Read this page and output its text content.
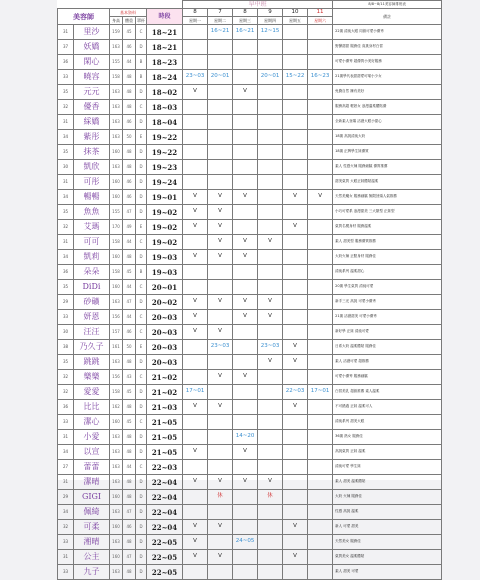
						早中班						8/8~8/11美容師排班表
美容師		基本資料			時段	8	7	8	9	10	11	備註
		身高	體重	罩杯		星期一	星期二	星期三	星期四	星期五	星期六	
31	里沙	159	45	C	18~21		16~21	16~21	12~15			22歲 清純大眼 同級可愛小優秀
37	妖嬌	163	46	D	18~21							野蠻甜甜 服務佳 高挑身材白皙
36	閑心	155	44	B	18~23							可愛小優秀 超優質小美好服務
33	曉容	158	48	B	18~24	23~03	20~01		20~01	15~22	16~23	21歲學代表甜甜愛可喵小少女
35	元元	163	48	D	18~02	V		V				免費自然 擁有美好
32	優香	163	48	C	18~03							服務高超 輕熟女 浪漫溫柔體貼優
31	綵嬌	163	46	D	18~04							全新素人登場 活潑大眼小甜心
34	紫彤	163	50	E	19~22							18歲 高挑清純大奶
35	抹茶	160	48	D	19~22							18歲 正牌學生妹優質
30	凱欣	163	48	D	19~23							素人 性感火辣 服務細膩 優質推薦
31	可彤	160	46	D	19~24							甜美氣質 大眼正妹體貼溫柔
34	暢暢	160	46	D	19~01	V	V	V		V	V	天然美魔女 服務細膩 無限回頭人氣推薦
35	魚魚	155	47	D	19~02	V	V					小巧可愛系 浪漫甜美 三大類型 正妹型
32	艾瑪	170	49	E	19~02	V	V			V		氣質名模身材 服務溫柔
31	可可	158	44	C	19~02		V	V	V			素人 甜美型 服務優質推薦
34	凱莉	160	48	D	19~03	V	V	V				大奶火辣 正點身材 服務佳
36	朵朵	158	45	B	19~03							清純系列 溫柔甜心
35	DiDi	160	44	C	20~01							20歲 學生氣質 清純可愛
29	砂礦	163	47	D	20~02	V	V	V	V			新手三光 高挑 可愛小優秀
33	妍恩	156	44	C	20~03	V		V	V			21歲 活潑甜美 可愛小優秀
30	汪汪	157	46	C	20~03	V	V					新好學 正妹 清純可愛
38	乃久子	161	50	E	20~03		23~03		23~03	V		日系大奶 溫柔體貼 服務佳
35	跳跳	163	48	D	20~03				V	V		素人 活潑可愛 超推薦
32	樂樂	156	43	C	21~02		V	V				可愛小優秀 服務細膩
32	愛愛	158	45	D	21~02	17~01				22~03	17~01	白皙美乳 超級推薦 素人溫柔
36	比比	162	48	D	21~03	V	V			V		不可錯過 正妹 溫柔可人
33	潔心	160	45	C	21~05							清純系列 甜美大眼
31	小愛	163	48	D	21~05			14~20				36歲 熟女 服務佳
34	以宣	163	48	D	21~05	V		V				高挑氣質 正妹 溫柔
27	蕾蕾	163	44	C	22~03							清純可愛 學生妹
31	潔晴	163	48	D	22~04	V	V	V	V			素人 甜美 溫柔體貼
29	GIGI	160	48	D	22~04		休		休			大奶 火辣 服務佳
34	佩綺	163	47	D	22~04							性感 高挑 溫柔
32	可柔	160	46	D	22~04	V	V			V		新人 可愛 甜美
33	湘晴	163	48	D	22~05	V		24~05				天然美女 服務佳
31	公主	160	47	D	22~05	V	V			V		氣質美女 溫柔體貼
33	九子	163	48	D	22~05							素人 甜美 可愛
